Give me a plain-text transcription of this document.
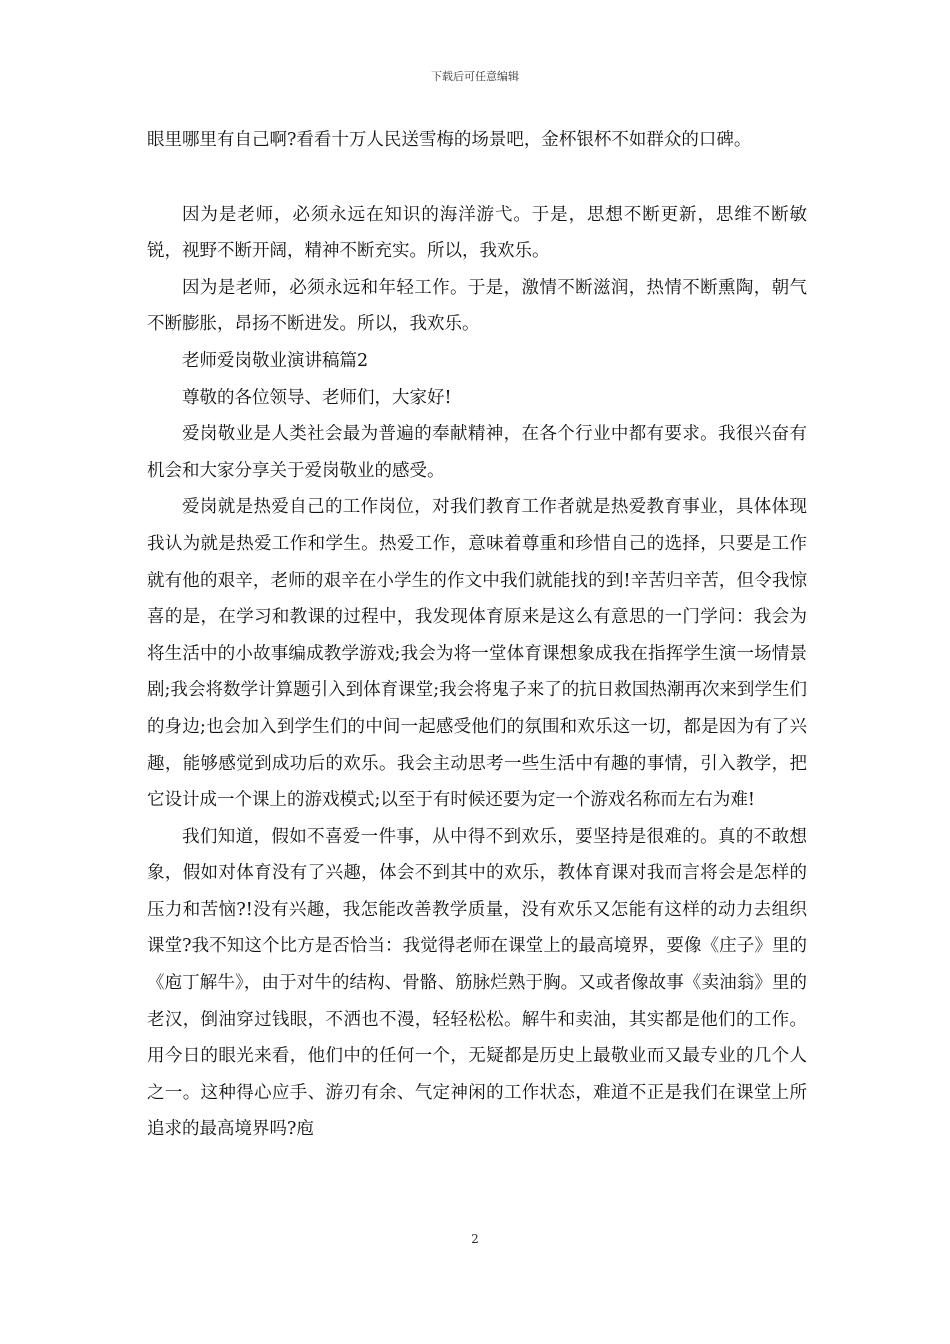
下载后可任意编辑

眼里哪里有自己啊?看看十万人民送雪梅的场景吧，金杯银杯不如群众的口碑。

因为是老师，必须永远在知识的海洋游弋。于是，思想不断更新，思维不断敏锐，视野不断开阔，精神不断充实。所以，我欢乐。

因为是老师，必须永远和年轻工作。于是，激情不断滋润，热情不断熏陶，朝气不断膨胀，昂扬不断进发。所以，我欢乐。

老师爱岗敬业演讲稿篇2

尊敬的各位领导、老师们，大家好!

爱岗敬业是人类社会最为普遍的奉献精神，在各个行业中都有要求。我很兴奋有机会和大家分享关于爱岗敬业的感受。

爱岗就是热爱自己的工作岗位，对我们教育工作者就是热爱教育事业，具体体现我认为就是热爱工作和学生。热爱工作，意味着尊重和珍惜自己的选择，只要是工作就有他的艰辛，老师的艰辛在小学生的作文中我们就能找的到!辛苦归辛苦，但令我惊喜的是，在学习和教课的过程中，我发现体育原来是这么有意思的一门学问：我会为将生活中的小故事编成教学游戏;我会为将一堂体育课想象成我在指挥学生演一场情景剧;我会将数学计算题引入到体育课堂;我会将鬼子来了的抗日救国热潮再次来到学生们的身边;也会加入到学生们的中间一起感受他们的氛围和欢乐这一切，都是因为有了兴趣，能够感觉到成功后的欢乐。我会主动思考一些生活中有趣的事情，引入教学，把它设计成一个课上的游戏模式;以至于有时候还要为定一个游戏名称而左右为难!

我们知道，假如不喜爱一件事，从中得不到欢乐，要坚持是很难的。真的不敢想象，假如对体育没有了兴趣，体会不到其中的欢乐，教体育课对我而言将会是怎样的压力和苦恼?!没有兴趣，我怎能改善教学质量，没有欢乐又怎能有这样的动力去组织课堂?我不知这个比方是否恰当：我觉得老师在课堂上的最高境界，要像《庄子》里的《庖丁解牛》，由于对牛的结构、骨骼、筋脉烂熟于胸。又或者像故事《卖油翁》里的老汉，倒油穿过钱眼，不洒也不漫，轻轻松松。解牛和卖油，其实都是他们的工作。用今日的眼光来看，他们中的任何一个，无疑都是历史上最敬业而又最专业的几个人之一。这种得心应手、游刃有余、气定神闲的工作状态，难道不正是我们在课堂上所追求的最高境界吗?庖

2
